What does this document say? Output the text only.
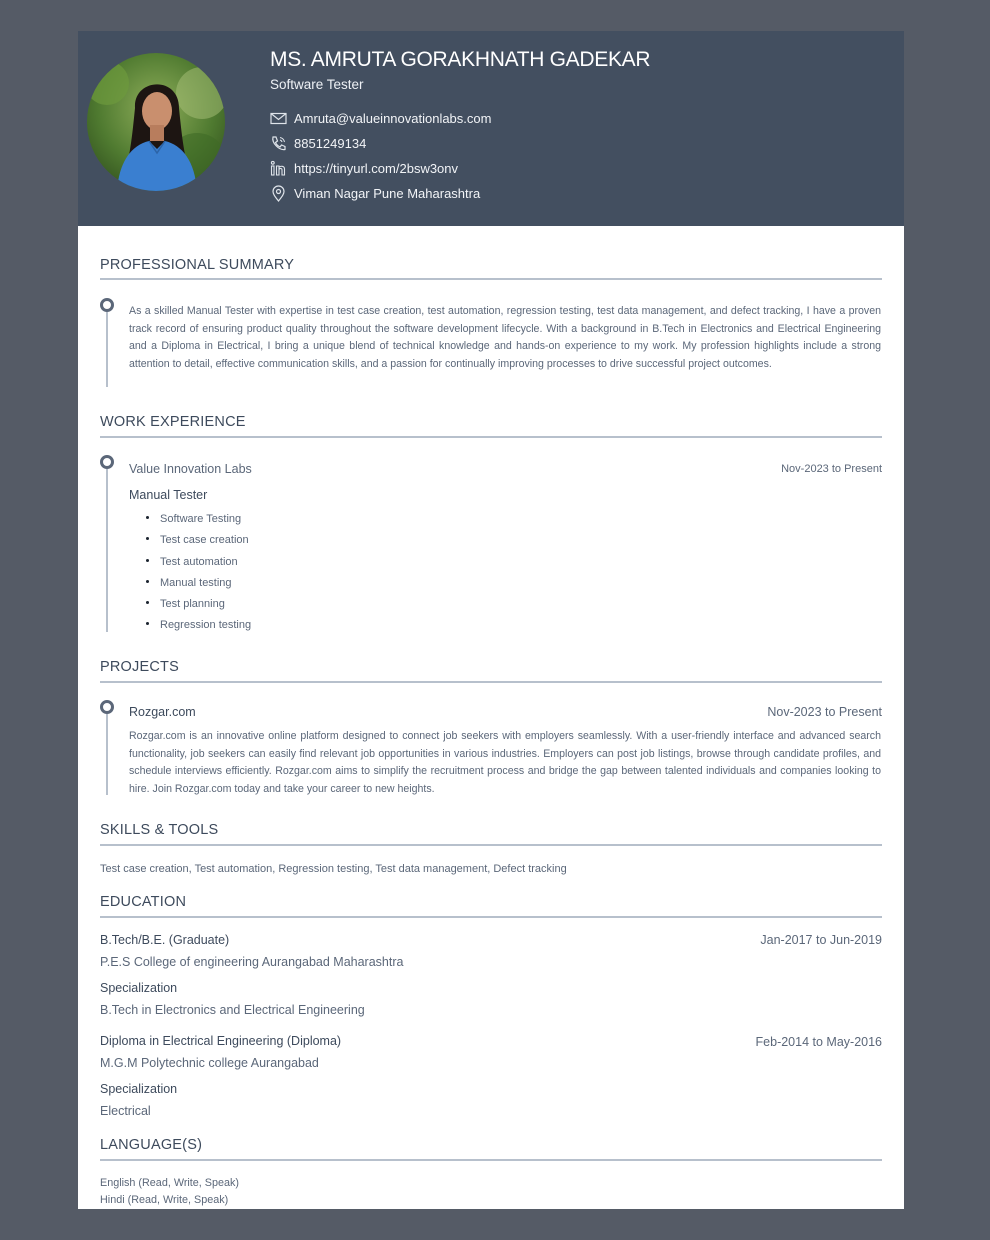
MS. AMRUTA GORAKHNATH GADEKAR
Software Tester
Amruta@valueinnovationlabs.com
8851249134
https://tinyurl.com/2bsw3onv
Viman Nagar Pune Maharashtra
PROFESSIONAL SUMMARY
As a skilled Manual Tester with expertise in test case creation, test automation, regression testing, test data management, and defect tracking, I have a proven track record of ensuring product quality throughout the software development lifecycle. With a background in B.Tech in Electronics and Electrical Engineering and a Diploma in Electrical, I bring a unique blend of technical knowledge and hands-on experience to my work. My profession highlights include a strong attention to detail, effective communication skills, and a passion for continually improving processes to drive successful project outcomes.
WORK EXPERIENCE
Value Innovation Labs	Nov-2023 to Present
Manual Tester
Software Testing
Test case creation
Test automation
Manual testing
Test planning
Regression testing
PROJECTS
Rozgar.com	Nov-2023 to Present
Rozgar.com is an innovative online platform designed to connect job seekers with employers seamlessly. With a user-friendly interface and advanced search functionality, job seekers can easily find relevant job opportunities in various industries. Employers can post job listings, browse through candidate profiles, and schedule interviews efficiently. Rozgar.com aims to simplify the recruitment process and bridge the gap between talented individuals and companies looking to hire. Join Rozgar.com today and take your career to new heights.
SKILLS & TOOLS
Test case creation, Test automation, Regression testing, Test data management, Defect tracking
EDUCATION
B.Tech/B.E. (Graduate)	Jan-2017 to Jun-2019
P.E.S College of engineering Aurangabad Maharashtra
Specialization
B.Tech in Electronics and Electrical Engineering
Diploma in Electrical Engineering (Diploma)	Feb-2014 to May-2016
M.G.M Polytechnic college Aurangabad
Specialization
Electrical
LANGUAGE(S)
English (Read, Write, Speak)
Hindi (Read, Write, Speak)
